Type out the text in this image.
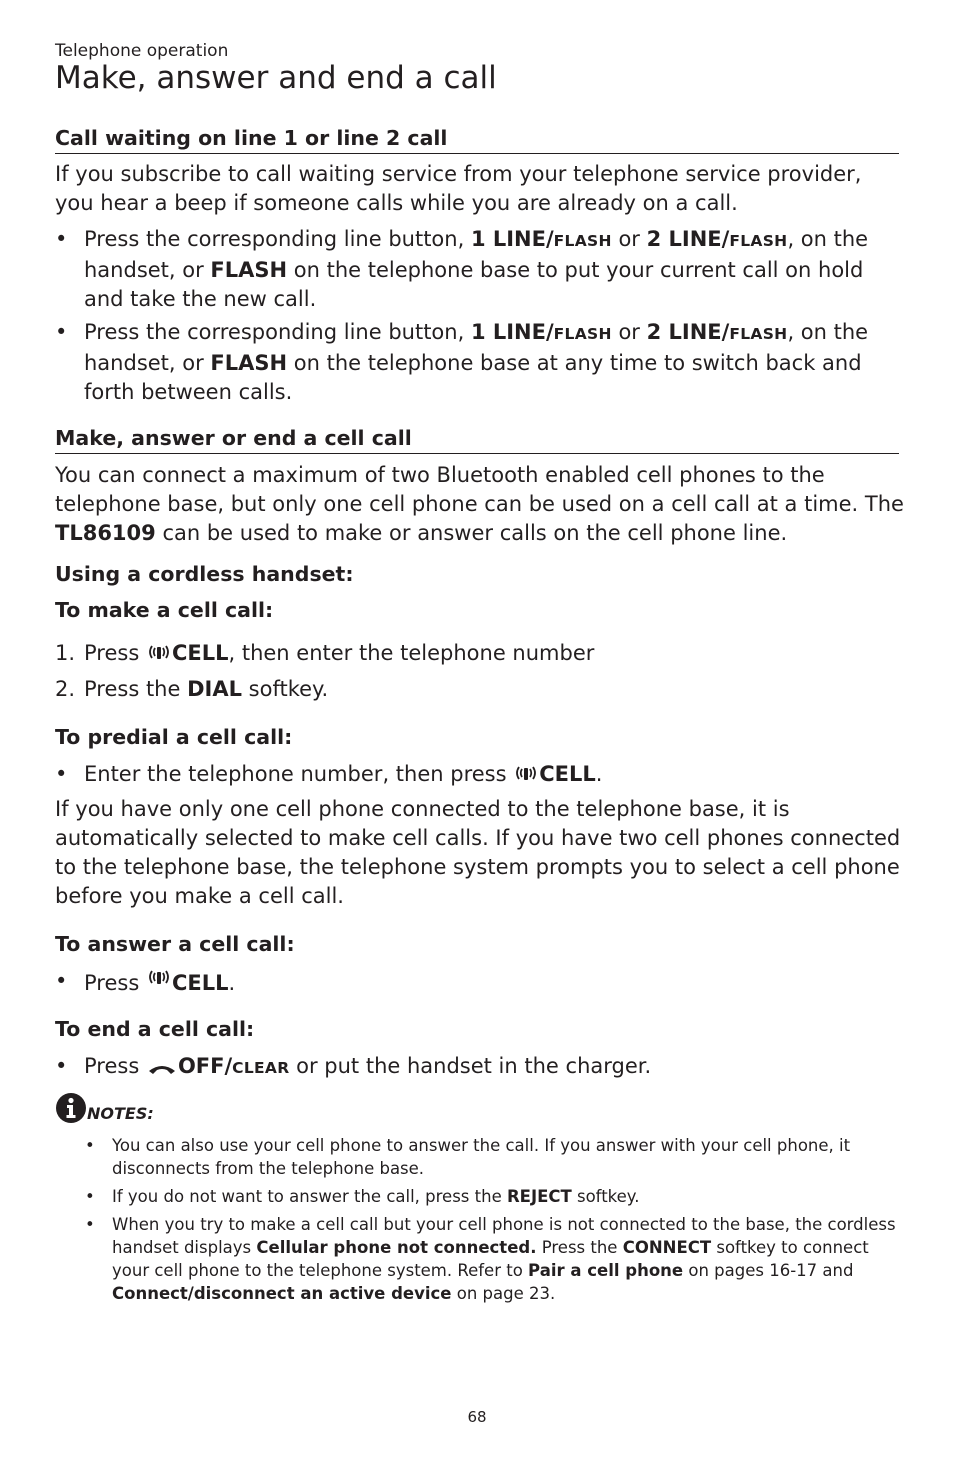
Telephone operation
Make, answer and end a call
Call waiting on line 1 or line 2 call

If you subscribe to call waiting service from your telephone service provider, you hear a beep if someone calls while you are already on a call.

• Press the corresponding line button, 1 LINE/FLASH or 2 LINE/FLASH, on the handset, or FLASH on the telephone base to put your current call on hold and take the new call.
• Press the corresponding line button, 1 LINE/FLASH or 2 LINE/FLASH, on the handset, or FLASH on the telephone base at any time to switch back and forth between calls.
Make, answer or end a cell call

You can connect a maximum of two Bluetooth enabled cell phones to the telephone base, but only one cell phone can be used on a cell call at a time. The TL86109 can be used to make or answer calls on the cell phone line.

Using a cordless handset:
To make a cell call:
1. Press CELL, then enter the telephone number
2. Press the DIAL softkey.
To predial a cell call:
• Enter the telephone number, then press CELL.

If you have only one cell phone connected to the telephone base, it is automatically selected to make cell calls. If you have two cell phones connected to the telephone base, the telephone system prompts you to select a cell phone before you make a cell call.

To answer a cell call:
• Press CELL.
To end a cell call:
• Press OFF/CLEAR or put the handset in the charger.
NOTES:
• You can also use your cell phone to answer the call. If you answer with your cell phone, it disconnects from the telephone base.
• If you do not want to answer the call, press the REJECT softkey.
• When you try to make a cell call but your cell phone is not connected to the base, the cordless handset displays Cellular phone not connected. Press the CONNECT softkey to connect your cell phone to the telephone system. Refer to Pair a cell phone on pages 16-17 and Connect/disconnect an active device on page 23.
68
